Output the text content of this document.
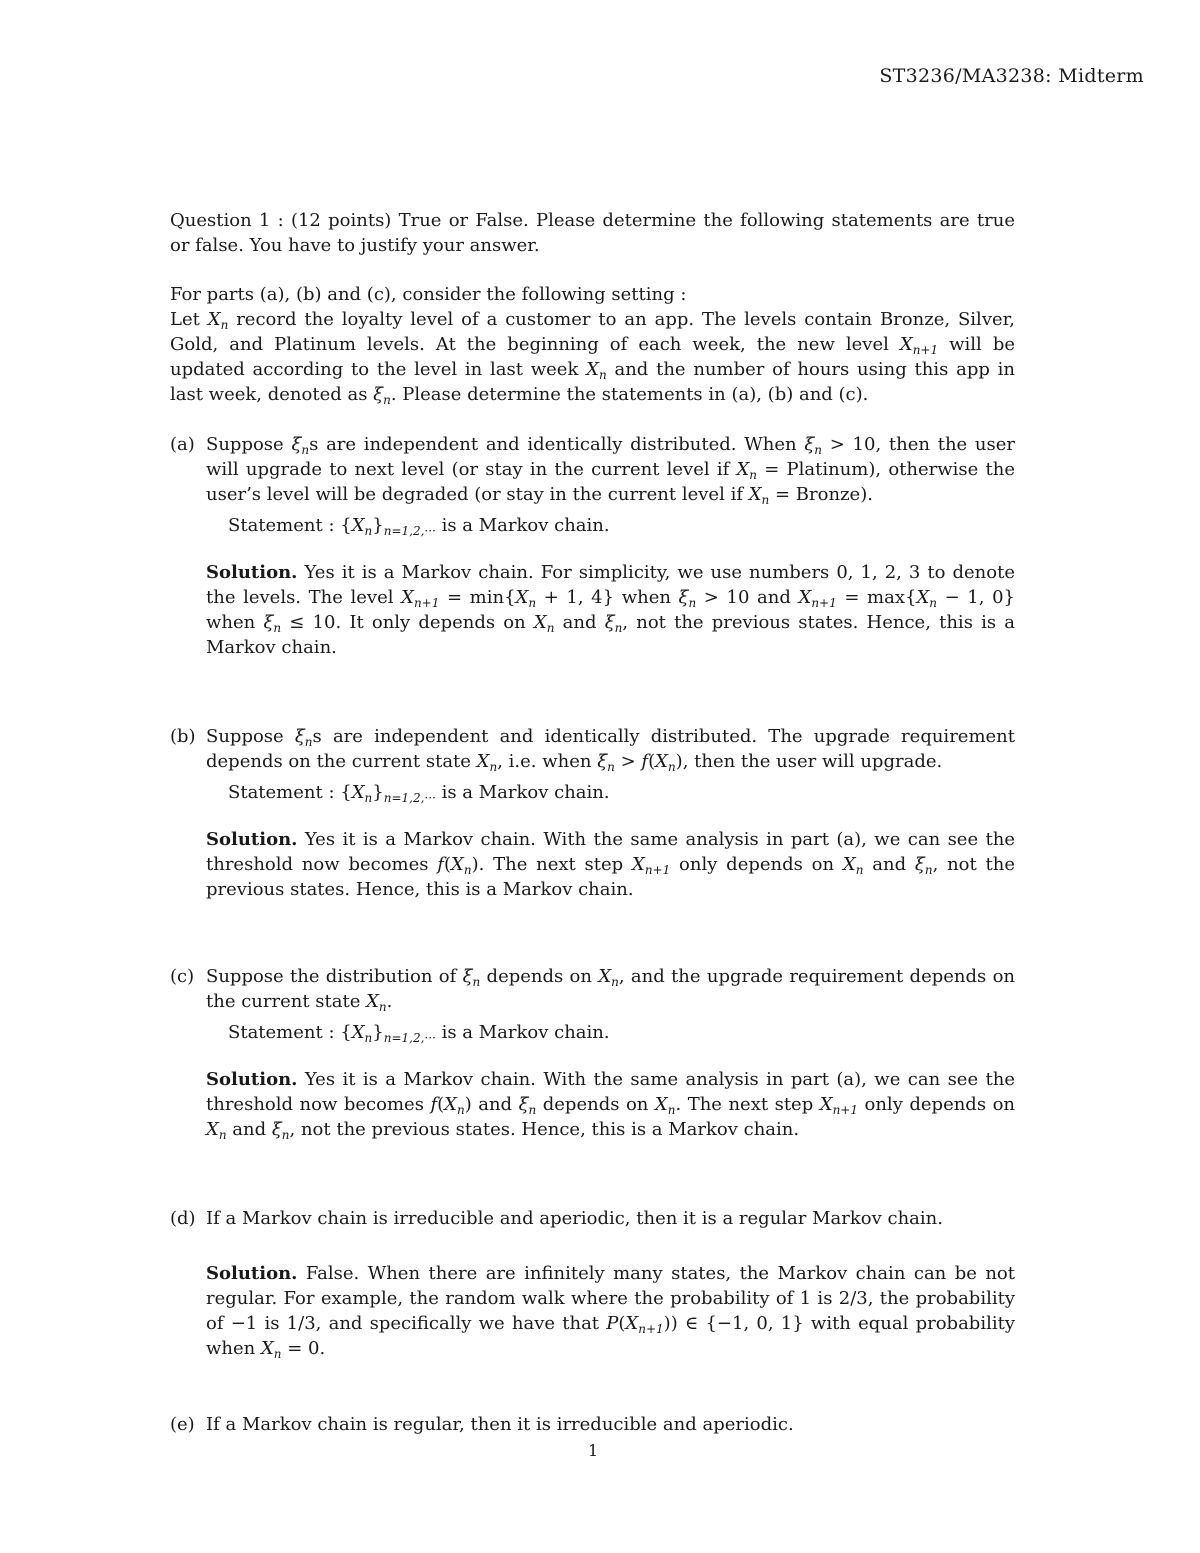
ST3236/MA3238: Midterm
Question 1 : (12 points) True or False. Please determine the following statements are true or false. You have to justify your answer.
For parts (a), (b) and (c), consider the following setting :
Let $X_n$ record the loyalty level of a customer to an app. The levels contain Bronze, Silver, Gold, and Platinum levels. At the beginning of each week, the new level $X_{n+1}$ will be updated according to the level in last week $X_n$ and the number of hours using this app in last week, denoted as $\xi_n$. Please determine the statements in (a), (b) and (c).
(a) Suppose $\xi_ns$ are independent and identically distributed. When $\xi_n > 10$, then the user will upgrade to next level (or stay in the current level if $X_n$ = Platinum), otherwise the user’s level will be degraded (or stay in the current level if $X_n$ = Bronze).
Statement : $\{X_n\}_{n=1,2,\cdot\cdot\cdot}$ is a Markov chain.
Solution. Yes it is a Markov chain. For simplicity, we use numbers 0, 1, 2, 3 to denote the levels. The level $X_{n+1} = \min\{X_n + 1$, 4} when $\xi_n > 10$ and $X_{n+1} = \max\{X_n - 1$, 0} when $\xi_n \le 10$. It only depends on $X_n$ and $\xi_n$, not the previous states. Hence, this is a Markov chain.
(b) Suppose $\xi_ns$ are independent and identically distributed. The upgrade requirement depends on the current state $X_n$, i.e. when $\xi_n > f(X_n)$, then the user will upgrade.
Statement : $\{X_n\}_{n=1,2,\cdot\cdot\cdot}$ is a Markov chain.
Solution. Yes it is a Markov chain. With the same analysis in part (a), we can see the threshold now becomes $f(X_n)$. The next step $X_{n+1}$ only depends on $X_n$ and $\xi_n$, not the previous states. Hence, this is a Markov chain.
(c) Suppose the distribution of $\xi_n$ depends on $X_n$, and the upgrade requirement depends on the current state $X_n$.
Statement : $\{X_n\}_{n=1,2,\cdot\cdot\cdot}$ is a Markov chain.
Solution. Yes it is a Markov chain. With the same analysis in part (a), we can see the threshold now becomes $f(X_n)$ and $\xi_n$ depends on $X_n$. The next step $X_{n+1}$ only depends on $X_n$ and $\xi_n$, not the previous states. Hence, this is a Markov chain.
(d) If a Markov chain is irreducible and aperiodic, then it is a regular Markov chain.
Solution. False. When there are infinitely many states, the Markov chain can be not regular. For example, the random walk where the probability of 1 is 2/3, the probability of −1 is 1/3, and specifically we have that $P(X_{n+1})$) ∈ {−1, 0, 1} with equal probability when $X_n = 0$.
(e) If a Markov chain is regular, then it is irreducible and aperiodic.
1
